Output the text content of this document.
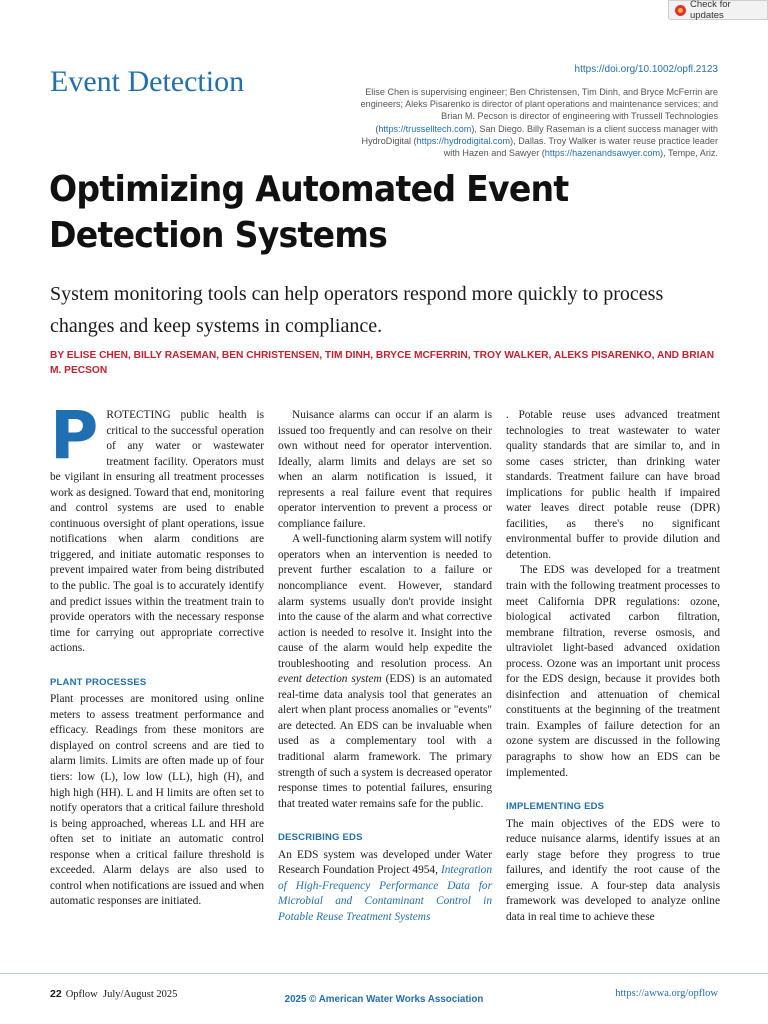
Check for updates
Event Detection	https://doi.org/10.1002/opfl.2123
Elise Chen is supervising engineer; Ben Christensen, Tim Dinh, and Bryce McFerrin are engineers; Aleks Pisarenko is director of plant operations and maintenance services; and Brian M. Pecson is director of engineering with Trussell Technologies (https://trusselltech.com), San Diego. Billy Raseman is a client success manager with HydroDigital (https://hydrodigital.com), Dallas. Troy Walker is water reuse practice leader with Hazen and Sawyer (https://hazenandsawyer.com), Tempe, Ariz.
Optimizing Automated Event Detection Systems
System monitoring tools can help operators respond more quickly to process changes and keep systems in compliance.
BY ELISE CHEN, BILLY RASEMAN, BEN CHRISTENSEN, TIM DINH, BRYCE MCFERRIN, TROY WALKER, ALEKS PISARENKO, AND BRIAN M. PECSON

PROTECTING public health is critical to the successful operation of any water or wastewater treatment facility. Operators must be vigilant in ensuring all treatment processes work as designed. Toward that end, monitoring and control systems are used to enable continuous oversight of plant operations, issue notifications when alarm conditions are triggered, and initiate automatic responses to prevent impaired water from being distributed to the public. The goal is to accurately identify and predict issues within the treatment train to provide operators with the necessary response time for carrying out appropriate corrective actions.

PLANT PROCESSES

Plant processes are monitored using online meters to assess treatment performance and efficacy. Readings from these monitors are displayed on control screens and are tied to alarm limits. Limits are often made up of four tiers: low (L), low low (LL), high (H), and high high (HH). L and H limits are often set to notify operators that a critical failure threshold is being approached, whereas LL and HH are often set to initiate an automatic control response when a critical failure threshold is exceeded. Alarm delays are also used to control when notifications are issued and when automatic responses are initiated.

Nuisance alarms can occur if an alarm is issued too frequently and can resolve on their own without need for operator intervention. Ideally, alarm limits and delays are set so when an alarm notification is issued, it represents a real failure event that requires operator intervention to prevent a process or compliance failure.

A well-functioning alarm system will notify operators when an intervention is needed to prevent further escalation to a failure or noncompliance event. However, standard alarm systems usually don't provide insight into the cause of the alarm and what corrective action is needed to resolve it. Insight into the cause of the alarm would help expedite the troubleshooting and resolution process. An event detection system (EDS) is an automated real-time data analysis tool that generates an alert when plant process anomalies or "events" are detected. An EDS can be invaluable when used as a complementary tool with a traditional alarm framework. The primary strength of such a system is decreased operator response times to potential failures, ensuring that treated water remains safe for the public.

DESCRIBING EDS

An EDS system was developed under Water Research Foundation Project 4954, Integration of High-Frequency Performance Data for Microbial and Contaminant Control in Potable Reuse Treatment Systems

. Potable reuse uses advanced treatment technologies to treat wastewater to water quality standards that are similar to, and in some cases stricter, than drinking water standards. Treatment failure can have broad implications for public health if impaired water leaves direct potable reuse (DPR) facilities, as there's no significant environmental buffer to provide dilution and detention.

The EDS was developed for a treatment train with the following treatment processes to meet California DPR regulations: ozone, biological activated carbon filtration, membrane filtration, reverse osmosis, and ultraviolet light-based advanced oxidation process. Ozone was an important unit process for the EDS design, because it provides both disinfection and attenuation of chemical constituents at the beginning of the treatment train. Examples of failure detection for an ozone system are discussed in the following paragraphs to show how an EDS can be implemented.

IMPLEMENTING EDS

The main objectives of the EDS were to reduce nuisance alarms, identify issues at an early stage before they progress to true failures, and identify the root cause of the emerging issue. A four-step data analysis framework was developed to analyze online data in real time to achieve these

22 Opflow  July/August 2025	2025 © American Water Works Association
https://awwa.org/opflow
